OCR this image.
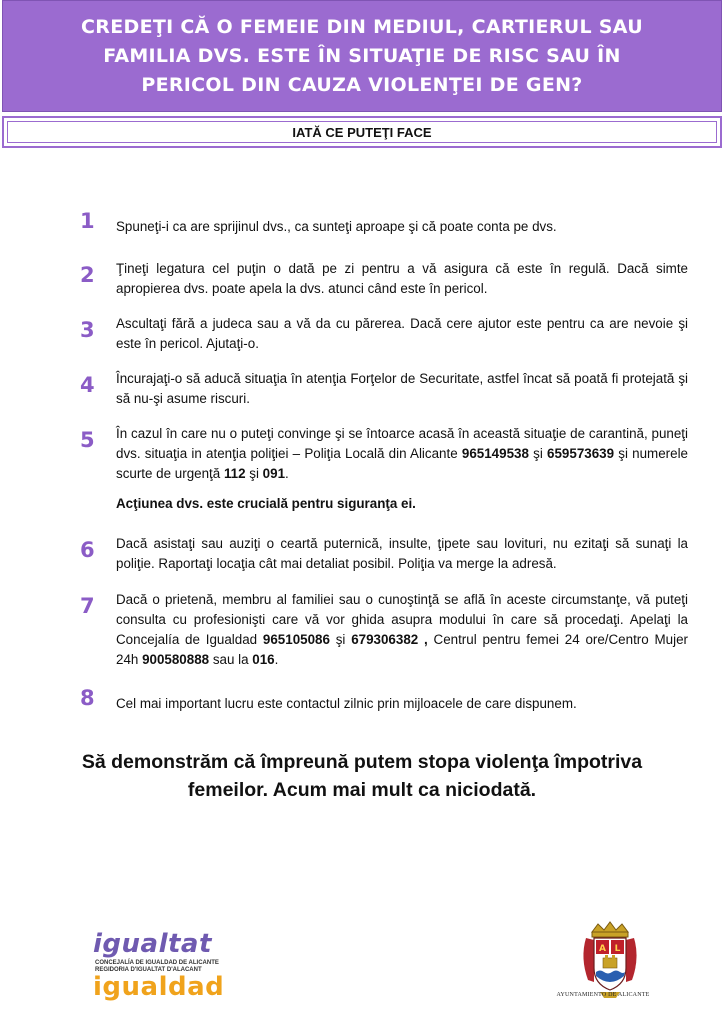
CREDEŢI CĂ O FEMEIE DIN MEDIUL, CARTIERUL SAU
FAMILIA DVS. ESTE ÎN SITUAŢIE DE RISC SAU ÎN
PERICOL DIN CAUZA VIOLENŢEI DE GEN?
IATĂ CE PUTEŢI FACE
1	Spuneţi-i ca are sprijinul dvs., ca sunteţi aproape şi că poate conta pe dvs.
2	Ţineţi legatura cel puţin o dată pe zi pentru a vă asigura că este în regulă. Dacă simte apropierea dvs. poate apela la dvs. atunci când este în pericol.
3	Ascultaţi fără a judeca sau a vă da cu părerea. Dacă cere ajutor este pentru ca are nevoie şi este în pericol. Ajutaţi-o.
4	Încurajaţi-o să aducă situaţia în atenţia Forţelor de Securitate, astfel încat să poată fi protejată şi să nu-şi asume riscuri.
5	În cazul în care nu o puteţi convinge şi se întoarce acasă în această situaţie de carantină, puneţi dvs. situaţia in atenţia poliţiei – Poliţia Locală din Alicante 965149538 şi 659573639 şi numerele scurte de urgenţă 112 şi 091.
Acţiunea dvs. este crucială pentru siguranţa ei.
6	Dacă asistaţi sau auziţi o ceartă puternică, insulte, ţipete sau lovituri, nu ezitaţi să sunaţi la poliţie. Raportaţi locaţia cât mai detaliat posibil. Poliţia va merge la adresă.
7	Dacă o prietenă, membru al familiei sau o cunoştinţă se află în aceste circumstanţe, vă puteţi consulta cu profesionişti care vă vor ghida asupra modului în care să procedaţi. Apelaţi la Concejalía de Igualdad 965105086 şi 679306382 , Centrul pentru femei 24 ore/Centro Mujer 24h 900580888 sau la 016.
8	Cel mai important lucru este contactul zilnic prin mijloacele de care dispunem.
Să demonstrăm că împreună putem stopa violenţa împotriva
femeilor. Acum mai mult ca niciodată.
igualtat
CONCEJALÍA DE IGUALDAD DE ALICANTE
REGIDORIA D'IGUALTAT D'ALACANT
igualdad
A L
AYUNTAMIENTO DE ALICANTE
